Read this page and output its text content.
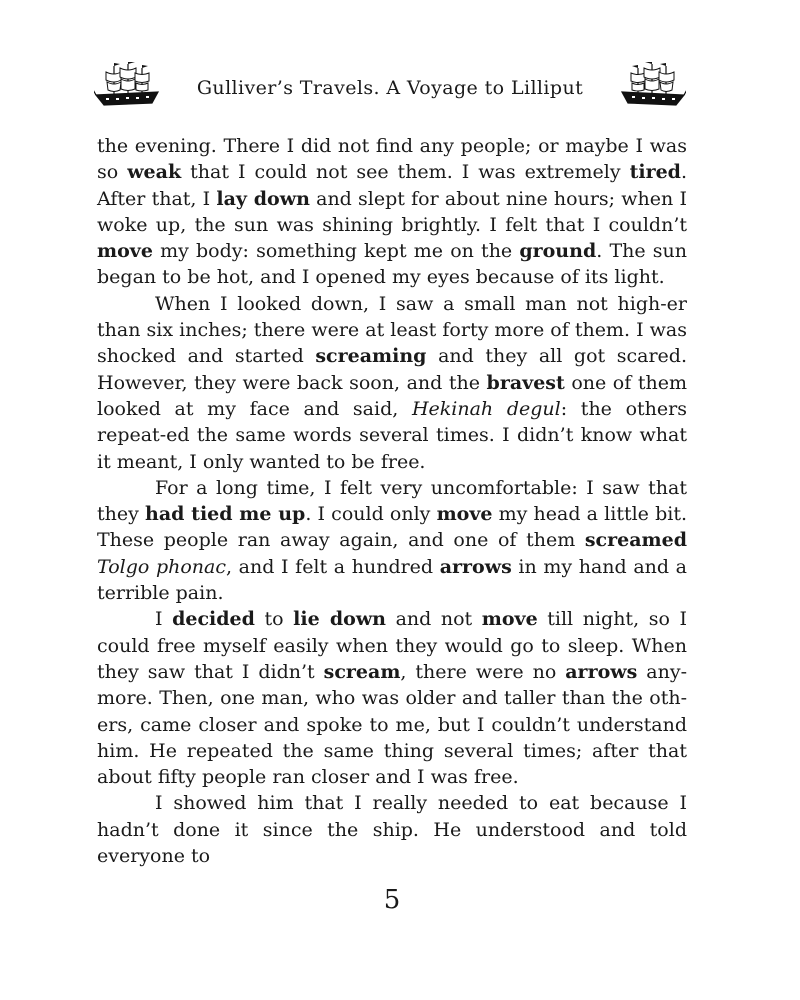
Gulliver’s Travels. A Voyage to Lilliput

the evening. There I did not find any people; or maybe I was so weak that I could not see them. I was extremely tired. After that, I lay down and slept for about nine hours; when I woke up, the sun was shining brightly. I felt that I couldn’t move my body: something kept me on the ground. The sun began to be hot, and I opened my eyes because of its light.

When I looked down, I saw a small man not high-er than six inches; there were at least forty more of them. I was shocked and started screaming and they all got scared. However, they were back soon, and the bravest one of them looked at my face and said, Hekinah degul: the others repeat-ed the same words several times. I didn’t know what it meant, I only wanted to be free.

For a long time, I felt very uncomfortable: I saw that they had tied me up. I could only move my head a little bit. These people ran away again, and one of them screamed Tolgo phonac, and I felt a hundred arrows in my hand and a terrible pain.

I decided to lie down and not move till night, so I could free myself easily when they would go to sleep. When they saw that I didn’t scream, there were no arrows any-more. Then, one man, who was older and taller than the oth-ers, came closer and spoke to me, but I couldn’t understand him. He repeated the same thing several times; after that about fifty people ran closer and I was free.

I showed him that I really needed to eat because I hadn’t done it since the ship. He understood and told everyone to

5
